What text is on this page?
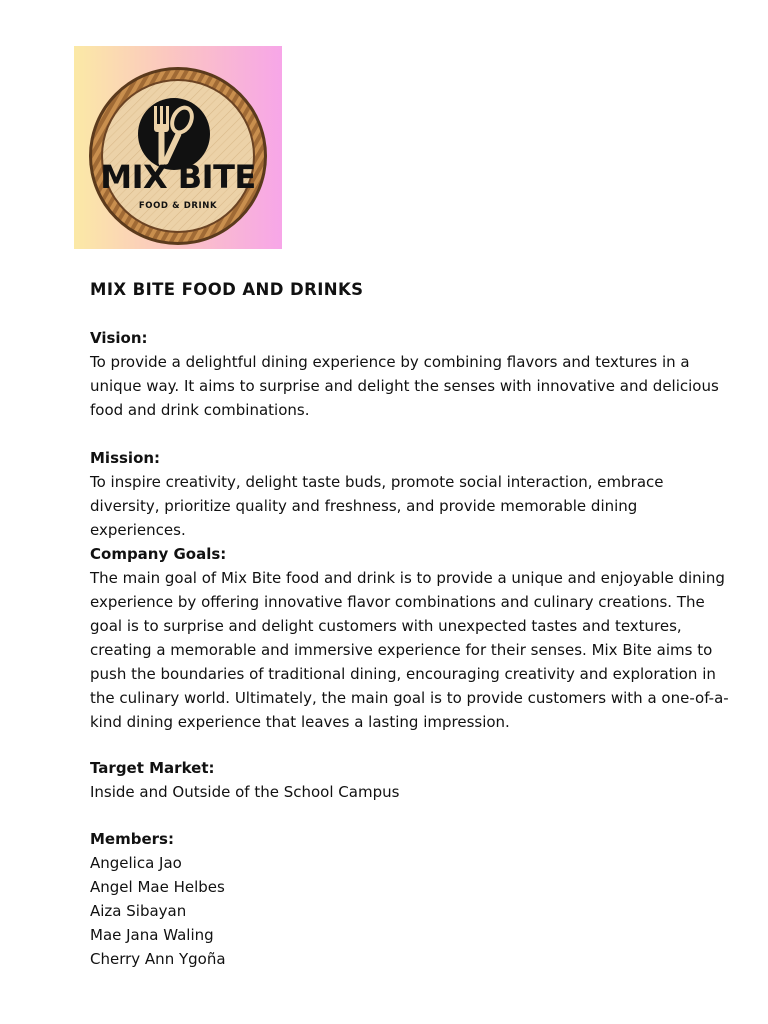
MIX BITE
FOOD & DRINK
MIX BITE FOOD AND DRINKS
Vision:
To provide a delightful dining experience by combining flavors and textures in a unique way. It aims to surprise and delight the senses with innovative and delicious food and drink combinations.
Mission:
To inspire creativity, delight taste buds, promote social interaction, embrace diversity, prioritize quality and freshness, and provide memorable dining experiences.
Company Goals:
The main goal of Mix Bite food and drink is to provide a unique and enjoyable dining experience by offering innovative flavor combinations and culinary creations. The goal is to surprise and delight customers with unexpected tastes and textures, creating a memorable and immersive experience for their senses. Mix Bite aims to push the boundaries of traditional dining, encouraging creativity and exploration in the culinary world. Ultimately, the main goal is to provide customers with a one-of-a-kind dining experience that leaves a lasting impression.
Target Market:
Inside and Outside of the School Campus
Members:
Angelica Jao
Angel Mae Helbes
Aiza Sibayan
Mae Jana Waling
Cherry Ann Ygoña
